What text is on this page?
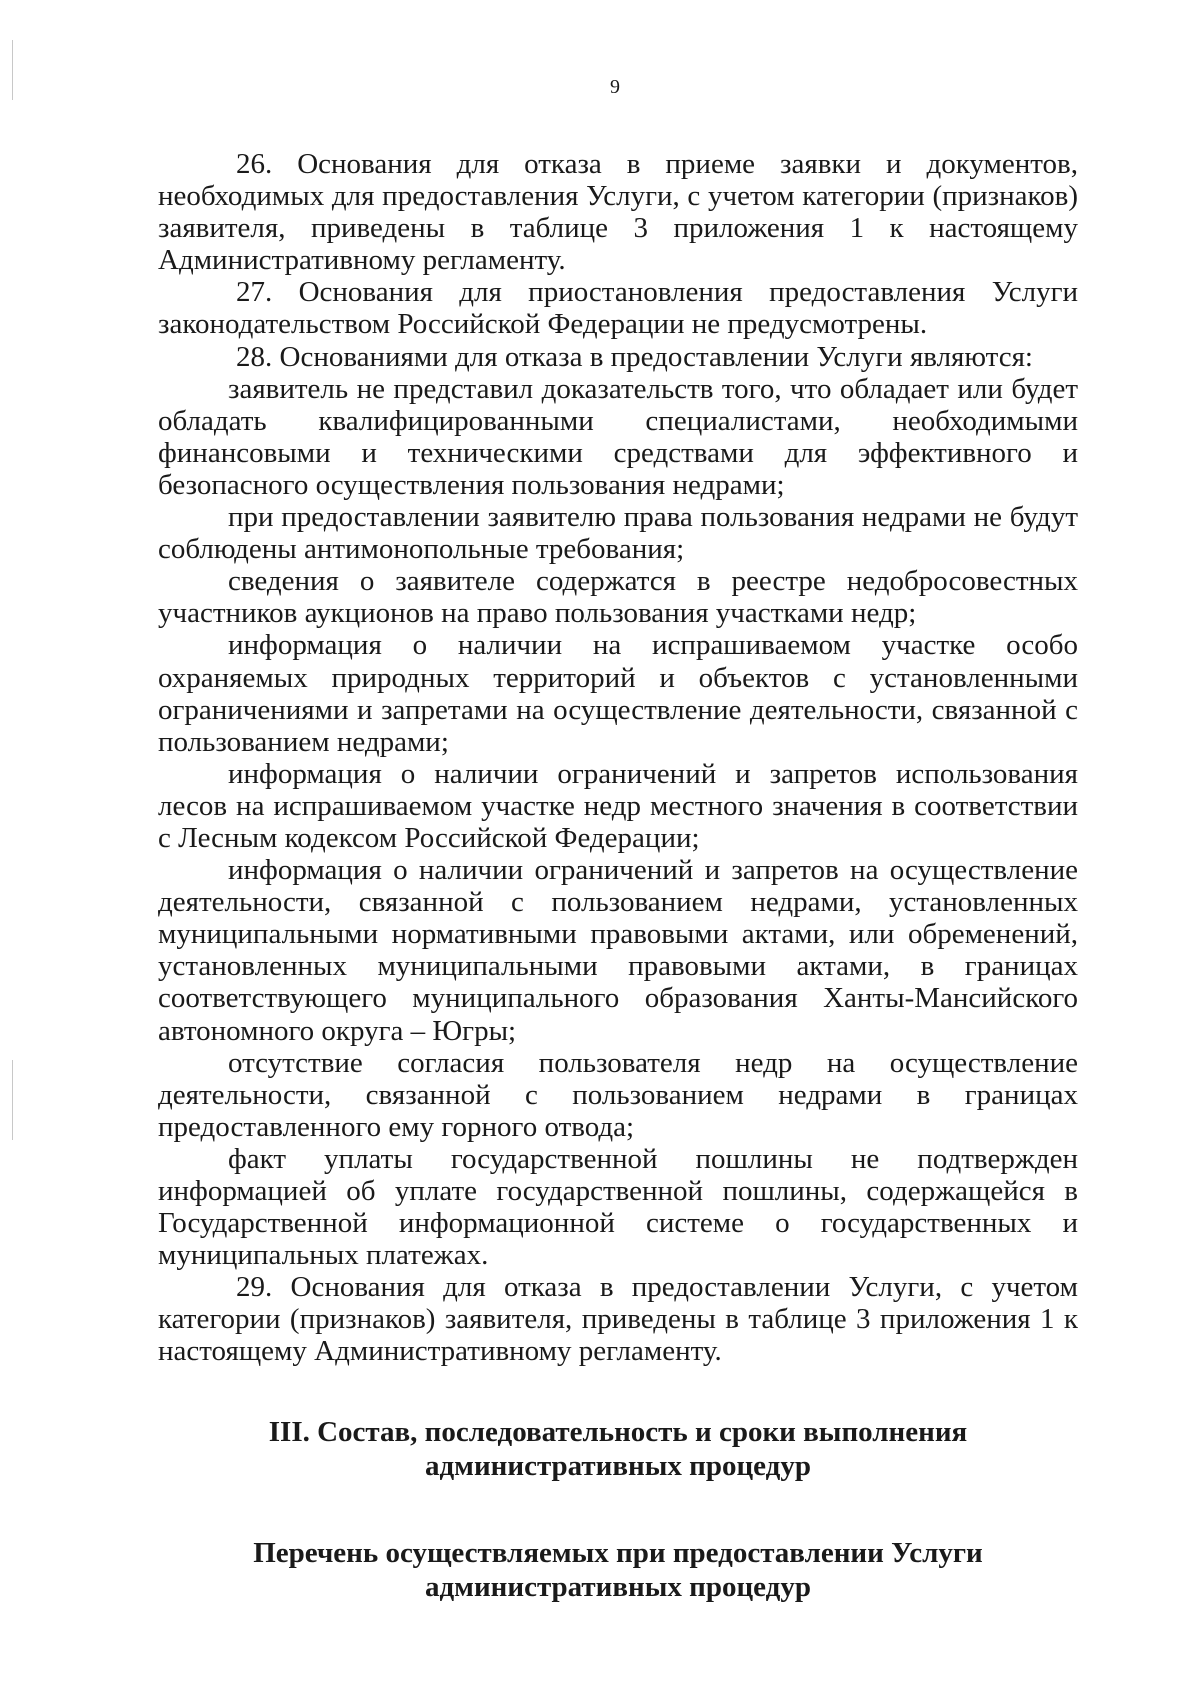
9

26. Основания для отказа в приеме заявки и документов, необходимых для предоставления Услуги, с учетом категории (признаков) заявителя, приведены в таблице 3 приложения 1 к настоящему Административному регламенту.

27. Основания для приостановления предоставления Услуги законодательством Российской Федерации не предусмотрены.

28. Основаниями для отказа в предоставлении Услуги являются:

заявитель не представил доказательств того, что обладает или будет обладать квалифицированными специалистами, необходимыми финансовыми и техническими средствами для эффективного и безопасного осуществления пользования недрами;

при предоставлении заявителю права пользования недрами не будут соблюдены антимонопольные требования;

сведения о заявителе содержатся в реестре недобросовестных участников аукционов на право пользования участками недр;

информация о наличии на испрашиваемом участке особо охраняемых природных территорий и объектов с установленными ограничениями и запретами на осуществление деятельности, связанной с пользованием недрами;

информация о наличии ограничений и запретов использования лесов на испрашиваемом участке недр местного значения в соответствии с Лесным кодексом Российской Федерации;

информация о наличии ограничений и запретов на осуществление деятельности, связанной с пользованием недрами, установленных муниципальными нормативными правовыми актами, или обременений, установленных муниципальными правовыми актами, в границах соответствующего муниципального образования Ханты-Мансийского автономного округа – Югры;

отсутствие согласия пользователя недр на осуществление деятельности, связанной с пользованием недрами в границах предоставленного ему горного отвода;

факт уплаты государственной пошлины не подтвержден информацией об уплате государственной пошлины, содержащейся в Государственной информационной системе о государственных и муниципальных платежах.

29. Основания для отказа в предоставлении Услуги, с учетом категории (признаков) заявителя, приведены в таблице 3 приложения 1 к настоящему Административному регламенту.

III. Состав, последовательность и сроки выполнения
административных процедур
Перечень осуществляемых при предоставлении Услуги
административных процедур
